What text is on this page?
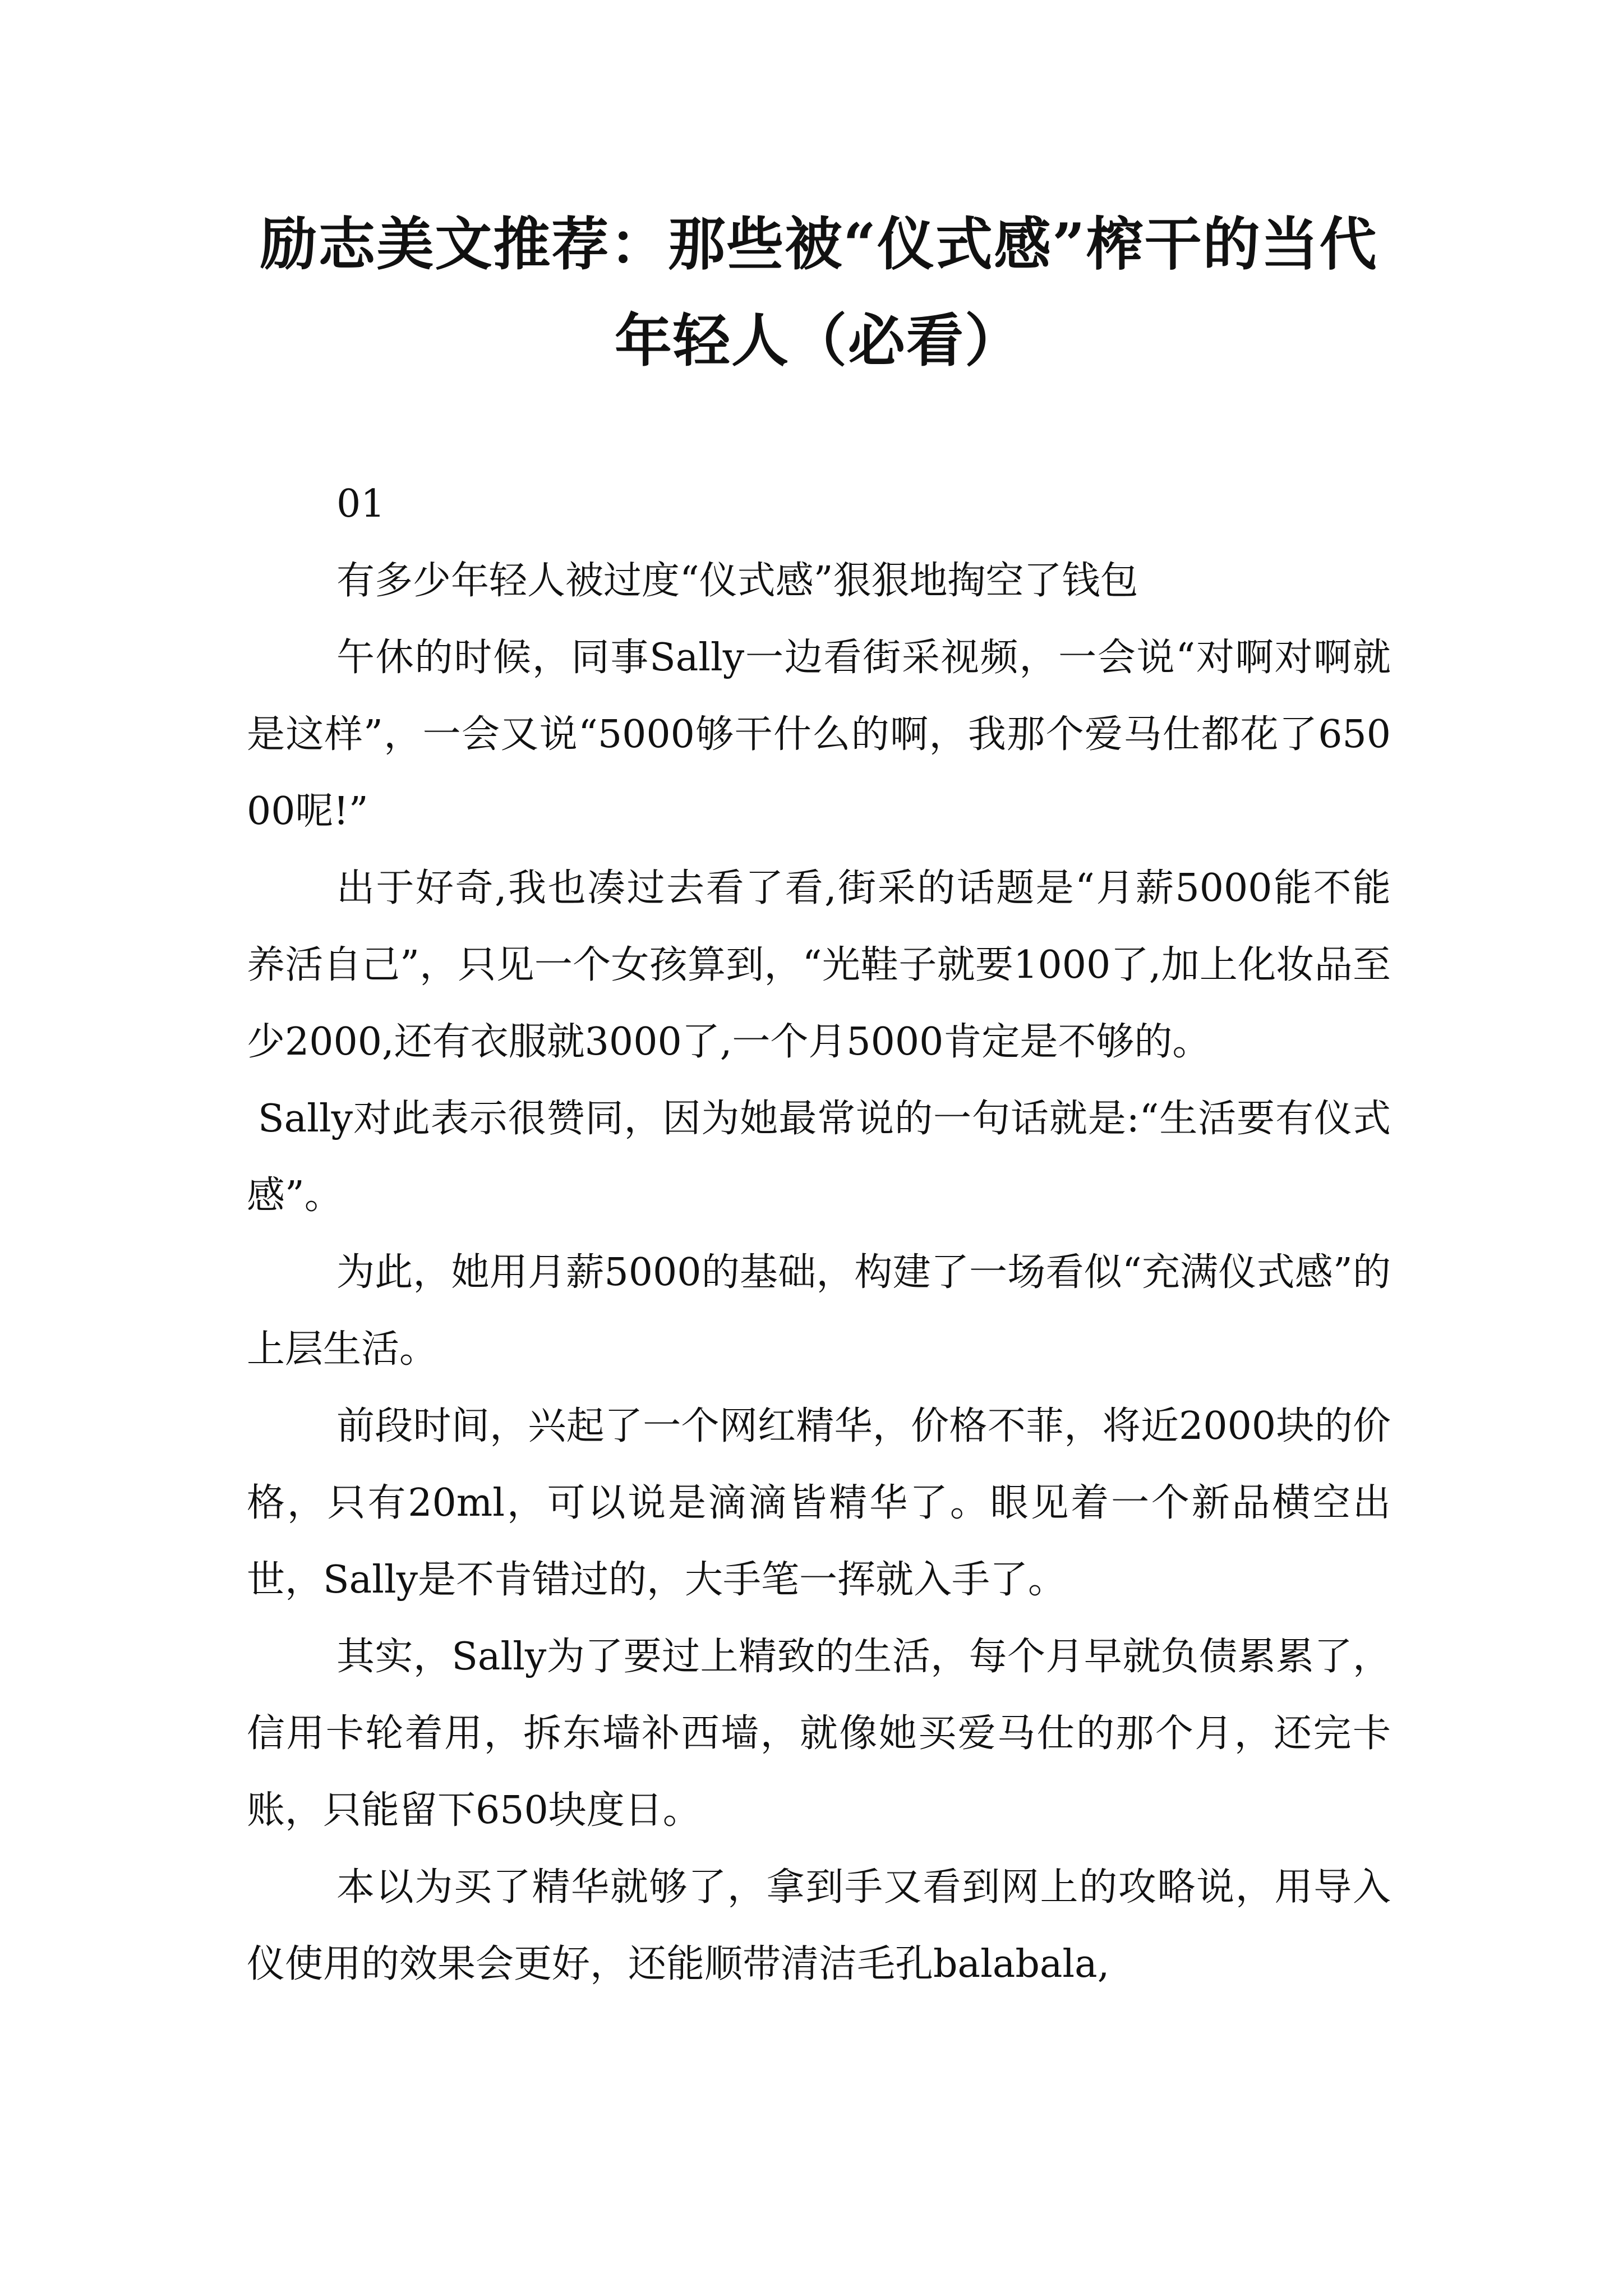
励志美文推荐：那些被“仪式感”榨干的当代年轻人（必看）

01

有多少年轻人被过度“仪式感”狠狠地掏空了钱包

午休的时候，同事Sally一边看街采视频，一会说“对啊对啊就是这样”，一会又说“5000够干什么的啊，我那个爱马仕都花了65000呢!”

出于好奇,我也凑过去看了看,街采的话题是“月薪5000能不能养活自己”，只见一个女孩算到，“光鞋子就要1000了,加上化妆品至少2000,还有衣服就3000了,一个月5000肯定是不够的。

Sally对此表示很赞同，因为她最常说的一句话就是:“生活要有仪式感”。

为此，她用月薪5000的基础，构建了一场看似“充满仪式感”的上层生活。

前段时间，兴起了一个网红精华，价格不菲，将近2000块的价格，只有20ml，可以说是滴滴皆精华了。眼见着一个新品横空出世，Sally是不肯错过的，大手笔一挥就入手了。

其实，Sally为了要过上精致的生活，每个月早就负债累累了，信用卡轮着用，拆东墙补西墙，就像她买爱马仕的那个月，还完卡账，只能留下650块度日。

本以为买了精华就够了，拿到手又看到网上的攻略说，用导入仪使用的效果会更好，还能顺带清洁毛孔balabala,
